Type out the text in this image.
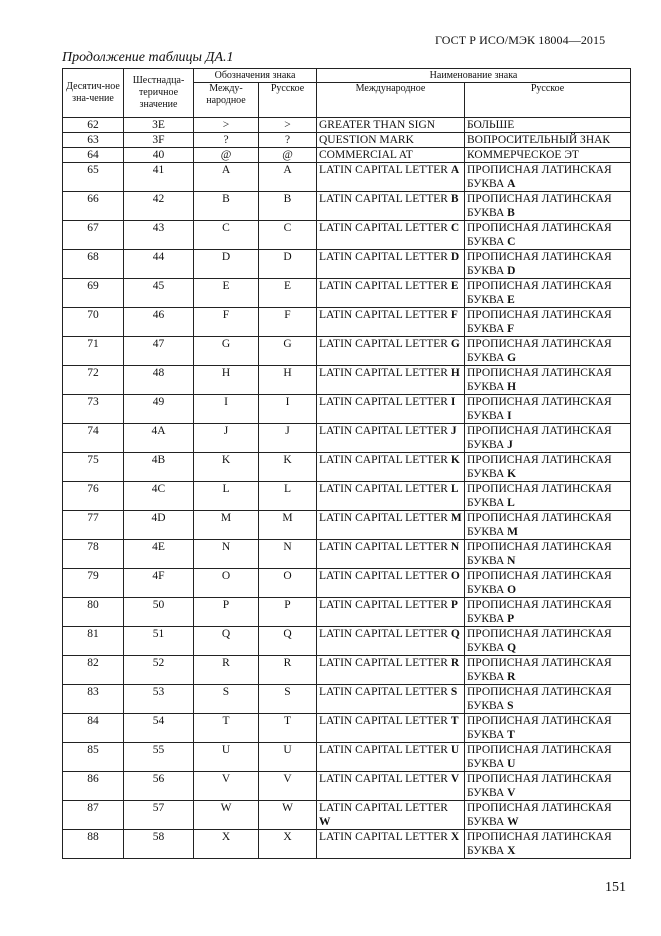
ГОСТ Р ИСО/МЭК 18004—2015
Продолжение таблицы ДА.1
Десятич-ное зна-чение	Шестнадца-теричное значение	Обозначения знака		Наименование знака	
		Между-народное	Русское	Международное	Русское
62	3E	>	>	GREATER THAN SIGN	БОЛЬШЕ
63	3F	?	?	QUESTION MARK	ВОПРОСИТЕЛЬНЫЙ ЗНАК
64	40	@	@	COMMERCIAL AT	КОММЕРЧЕСКОЕ ЭТ
65	41	A	A	LATIN CAPITAL LETTER A	ПРОПИСНАЯ ЛАТИНСКАЯ БУКВА A
66	42	B	B	LATIN CAPITAL LETTER B	ПРОПИСНАЯ ЛАТИНСКАЯ БУКВА B
67	43	C	C	LATIN CAPITAL LETTER C	ПРОПИСНАЯ ЛАТИНСКАЯ БУКВА C
68	44	D	D	LATIN CAPITAL LETTER D	ПРОПИСНАЯ ЛАТИНСКАЯ БУКВА D
69	45	E	E	LATIN CAPITAL LETTER E	ПРОПИСНАЯ ЛАТИНСКАЯ БУКВА E
70	46	F	F	LATIN CAPITAL LETTER F	ПРОПИСНАЯ ЛАТИНСКАЯ БУКВА F
71	47	G	G	LATIN CAPITAL LETTER G	ПРОПИСНАЯ ЛАТИНСКАЯ БУКВА G
72	48	H	H	LATIN CAPITAL LETTER H	ПРОПИСНАЯ ЛАТИНСКАЯ БУКВА H
73	49	I	I	LATIN CAPITAL LETTER I	ПРОПИСНАЯ ЛАТИНСКАЯ БУКВА I
74	4A	J	J	LATIN CAPITAL LETTER J	ПРОПИСНАЯ ЛАТИНСКАЯ БУКВА J
75	4B	K	K	LATIN CAPITAL LETTER K	ПРОПИСНАЯ ЛАТИНСКАЯ БУКВА K
76	4C	L	L	LATIN CAPITAL LETTER L	ПРОПИСНАЯ ЛАТИНСКАЯ БУКВА L
77	4D	M	M	LATIN CAPITAL LETTER M	ПРОПИСНАЯ ЛАТИНСКАЯ БУКВА M
78	4E	N	N	LATIN CAPITAL LETTER N	ПРОПИСНАЯ ЛАТИНСКАЯ БУКВА N
79	4F	O	O	LATIN CAPITAL LETTER O	ПРОПИСНАЯ ЛАТИНСКАЯ БУКВА O
80	50	P	P	LATIN CAPITAL LETTER P	ПРОПИСНАЯ ЛАТИНСКАЯ БУКВА P
81	51	Q	Q	LATIN CAPITAL LETTER Q	ПРОПИСНАЯ ЛАТИНСКАЯ БУКВА Q
82	52	R	R	LATIN CAPITAL LETTER R	ПРОПИСНАЯ ЛАТИНСКАЯ БУКВА R
83	53	S	S	LATIN CAPITAL LETTER S	ПРОПИСНАЯ ЛАТИНСКАЯ БУКВА S
84	54	T	T	LATIN CAPITAL LETTER T	ПРОПИСНАЯ ЛАТИНСКАЯ БУКВА T
85	55	U	U	LATIN CAPITAL LETTER U	ПРОПИСНАЯ ЛАТИНСКАЯ БУКВА U
86	56	V	V	LATIN CAPITAL LETTER V	ПРОПИСНАЯ ЛАТИНСКАЯ БУКВА V
87	57	W	W	LATIN CAPITAL LETTER W	ПРОПИСНАЯ ЛАТИНСКАЯ БУКВА W
88	58	X	X	LATIN CAPITAL LETTER X	ПРОПИСНАЯ ЛАТИНСКАЯ БУКВА X
151
